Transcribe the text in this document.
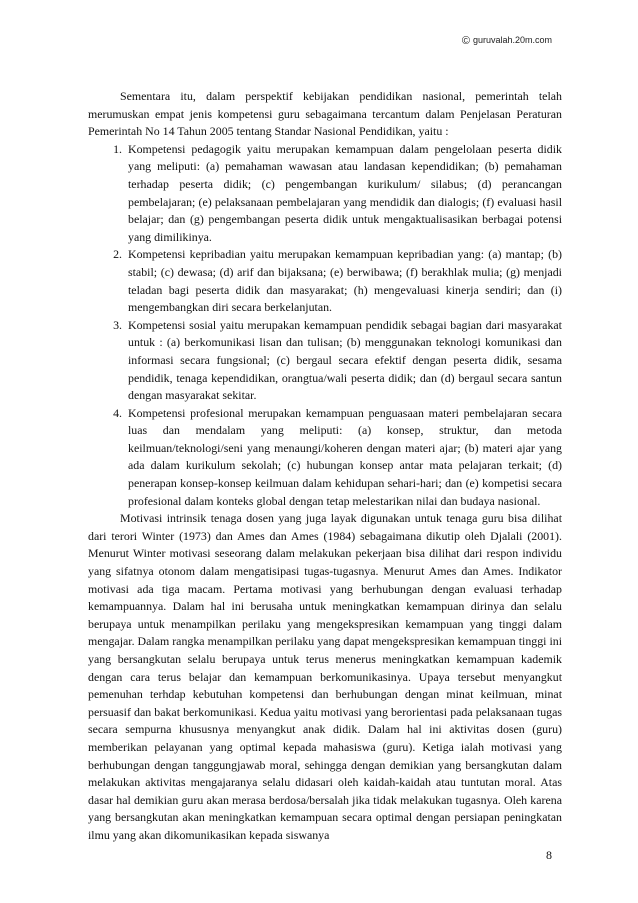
© guruvalah.20m.com

Sementara itu, dalam perspektif kebijakan pendidikan nasional, pemerintah telah merumuskan empat jenis kompetensi guru sebagaimana tercantum dalam Penjelasan Peraturan Pemerintah No 14 Tahun 2005 tentang Standar Nasional Pendidikan, yaitu :

1. Kompetensi pedagogik yaitu merupakan kemampuan dalam pengelolaan peserta didik yang meliputi: (a) pemahaman wawasan atau landasan kependidikan; (b) pemahaman terhadap peserta didik; (c) pengembangan kurikulum/ silabus; (d) perancangan pembelajaran; (e) pelaksanaan pembelajaran yang mendidik dan dialogis; (f) evaluasi hasil belajar; dan (g) pengembangan peserta didik untuk mengaktualisasikan berbagai potensi yang dimilikinya.
2. Kompetensi kepribadian yaitu merupakan kemampuan kepribadian yang: (a) mantap; (b) stabil; (c) dewasa; (d) arif dan bijaksana; (e) berwibawa; (f) berakhlak mulia; (g) menjadi teladan bagi peserta didik dan masyarakat; (h) mengevaluasi kinerja sendiri; dan (i) mengembangkan diri secara berkelanjutan.
3. Kompetensi sosial yaitu merupakan kemampuan pendidik sebagai bagian dari masyarakat untuk : (a) berkomunikasi lisan dan tulisan; (b) menggunakan teknologi komunikasi dan informasi secara fungsional; (c) bergaul secara efektif dengan peserta didik, sesama pendidik, tenaga kependidikan, orangtua/wali peserta didik; dan (d) bergaul secara santun dengan masyarakat sekitar.
4. Kompetensi profesional merupakan kemampuan penguasaan materi pembelajaran secara luas dan mendalam yang meliputi: (a) konsep, struktur, dan metoda keilmuan/teknologi/seni yang menaungi/koheren dengan materi ajar; (b) materi ajar yang ada dalam kurikulum sekolah; (c) hubungan konsep antar mata pelajaran terkait; (d) penerapan konsep-konsep keilmuan dalam kehidupan sehari-hari; dan (e) kompetisi secara profesional dalam konteks global dengan tetap melestarikan nilai dan budaya nasional.

Motivasi intrinsik tenaga dosen yang juga layak digunakan untuk tenaga guru bisa dilihat dari terori Winter (1973) dan Ames dan Ames (1984) sebagaimana dikutip oleh Djalali (2001). Menurut Winter motivasi seseorang dalam melakukan pekerjaan bisa dilihat dari respon individu yang sifatnya otonom dalam mengatisipasi tugas-tugasnya. Menurut Ames dan Ames. Indikator motivasi ada tiga macam. Pertama motivasi yang berhubungan dengan evaluasi terhadap kemampuannya. Dalam hal ini berusaha untuk meningkatkan kemampuan dirinya dan selalu berupaya untuk menampilkan perilaku yang mengekspresikan kemampuan yang tinggi dalam mengajar. Dalam rangka menampilkan perilaku yang dapat mengekspresikan kemampuan tinggi ini yang bersangkutan selalu berupaya untuk terus menerus meningkatkan kemampuan kademik dengan cara terus belajar dan kemampuan berkomunikasinya. Upaya tersebut menyangkut pemenuhan terhdap kebutuhan kompetensi dan berhubungan dengan minat keilmuan, minat persuasif dan bakat berkomunikasi. Kedua yaitu motivasi yang berorientasi pada pelaksanaan tugas secara sempurna khususnya menyangkut anak didik. Dalam hal ini aktivitas dosen (guru) memberikan pelayanan yang optimal kepada mahasiswa (guru). Ketiga ialah motivasi yang berhubungan dengan tanggungjawab moral, sehingga dengan demikian yang bersangkutan dalam melakukan aktivitas mengajaranya selalu didasari oleh kaidah-kaidah atau tuntutan moral. Atas dasar hal demikian guru akan merasa berdosa/bersalah jika tidak melakukan tugasnya. Oleh karena yang bersangkutan akan meningkatkan kemampuan secara optimal dengan persiapan peningkatan ilmu yang akan dikomunikasikan kepada siswanya

8
